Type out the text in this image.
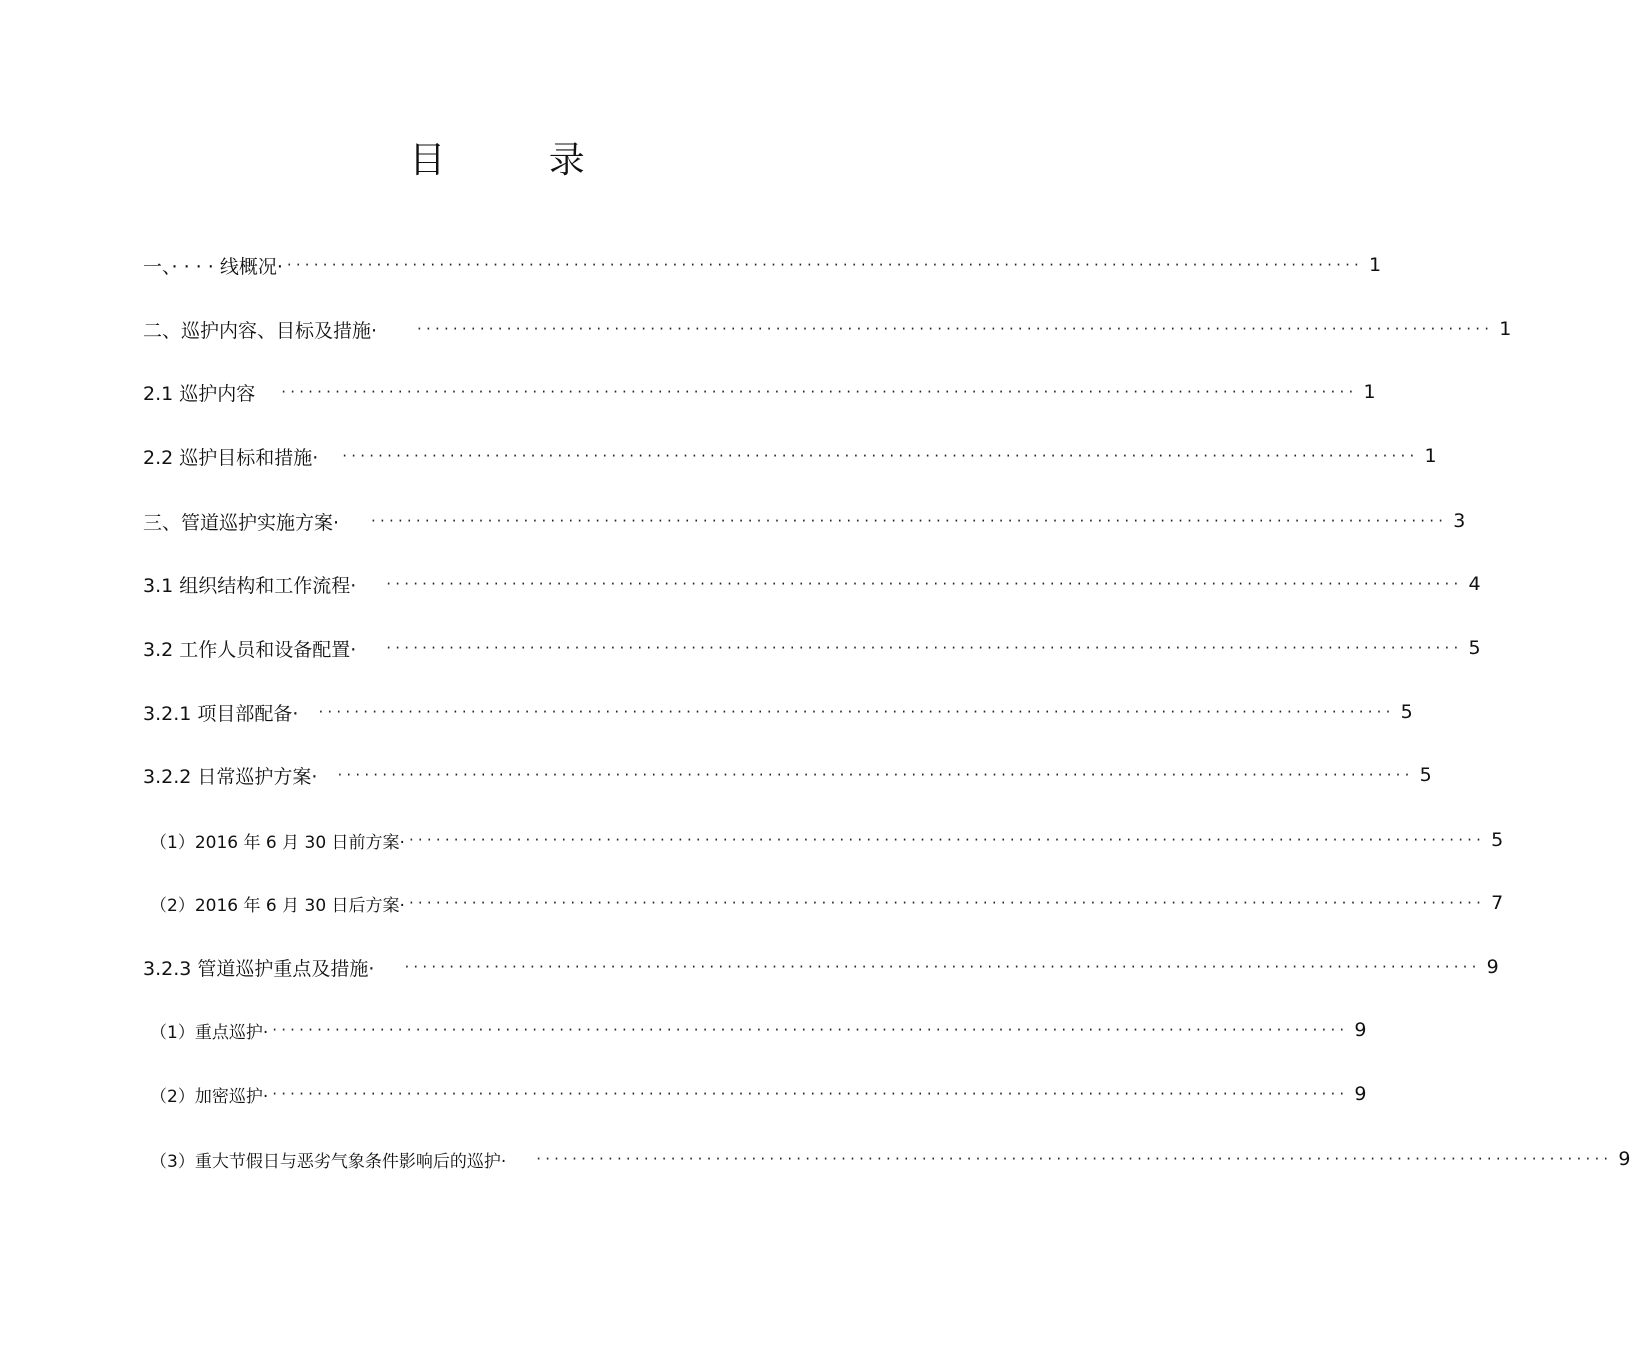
目 录
一、· · · · 线概况· ························································································································ 1
二、巡护内容、目标及措施·	························································································································ 1
2.1 巡护内容 ························································································································ 1
2.2 巡护目标和措施· ························································································································ 1
三、管道巡护实施方案· ························································································································ 3
3.1 组织结构和工作流程· ························································································································ 4
3.2 工作人员和设备配置· ························································································································ 5
3.2.1 项目部配备· ························································································································ 5
3.2.2 日常巡护方案· ························································································································ 5
（1）2016 年 6 月 30 日前方案· ························································································································ 5
（2）2016 年 6 月 30 日后方案· ························································································································ 7
3.2.3 管道巡护重点及措施· ························································································································ 9
（1）重点巡护· ························································································································ 9
（2）加密巡护· ························································································································ 9
（3）重大节假日与恶劣气象条件影响后的巡护· ························································································································ 9
